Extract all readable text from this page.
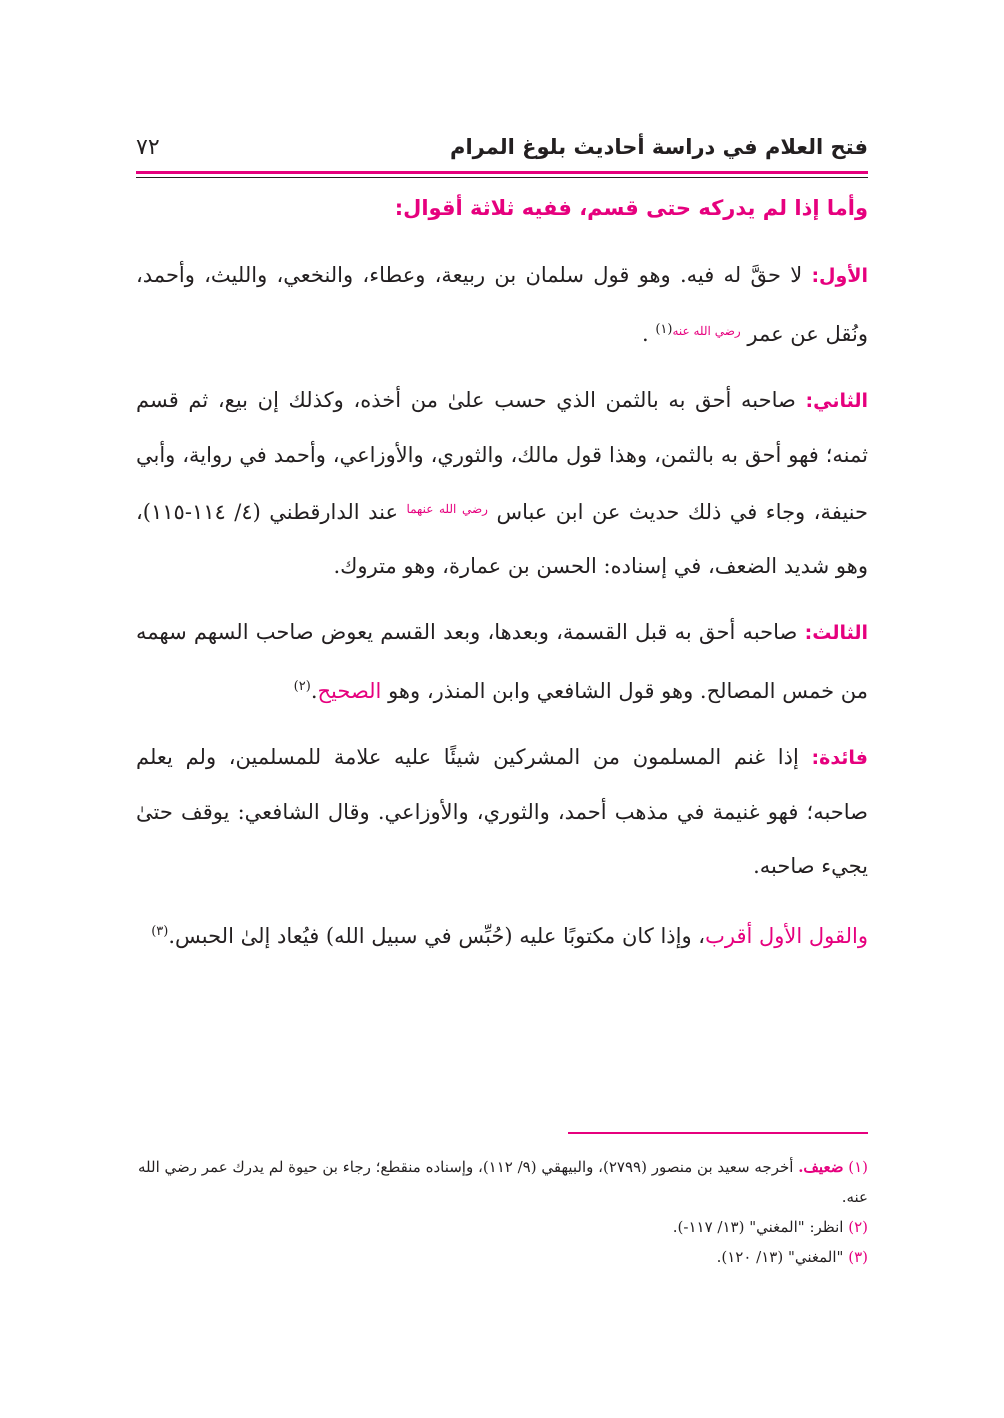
فتح العلام في دراسة أحاديث بلوغ المرام
٧٢
وأما إذا لم يدركه حتى قسم، ففيه ثلاثة أقوال:

الأول: لا حقَّ له فيه. وهو قول سلمان بن ربيعة، وعطاء، والنخعي، والليث، وأحمد، ونُقل عن عمر $^{رضي الله عنه(١)}$ .

الثاني: صاحبه أحق به بالثمن الذي حسب علىٰ من أخذه، وكذلك إن بيع، ثم قسم ثمنه؛ فهو أحق به بالثمن، وهذا قول مالك، والثوري، والأوزاعي، وأحمد في رواية، وأبي حنيفة، وجاء في ذلك حديث عن ابن عباس $^{رضي الله عنهما}$ عند الدارقطني (٤/ ١١٤-١١٥)، وهو شديد الضعف، في إسناده: الحسن بن عمارة، وهو متروك.

الثالث: صاحبه أحق به قبل القسمة، وبعدها، وبعد القسم يعوض صاحب السهم سهمه من خمس المصالح. وهو قول الشافعي وابن المنذر، وهو الصحيح.$^{(٢)}$

فائدة: إذا غنم المسلمون من المشركين شيئًا عليه علامة للمسلمين، ولم يعلم صاحبه؛ فهو غنيمة في مذهب أحمد، والثوري، والأوزاعي. وقال الشافعي: يوقف حتىٰ يجيء صاحبه.

والقول الأول أقرب، وإذا كان مكتوبًا عليه (حُبِّس في سبيل الله) فيُعاد إلىٰ الحبس.$^{(٣)}$

(١) ضعيف. أخرجه سعيد بن منصور (٢٧٩٩)، والبيهقي (٩/ ١١٢)، وإسناده منقطع؛ رجاء بن حيوة لم يدرك عمر رضي الله عنه.

(٢) انظر: "المغني" (١٣/ ١١٧-).

(٣) "المغني" (١٣/ ١٢٠).
